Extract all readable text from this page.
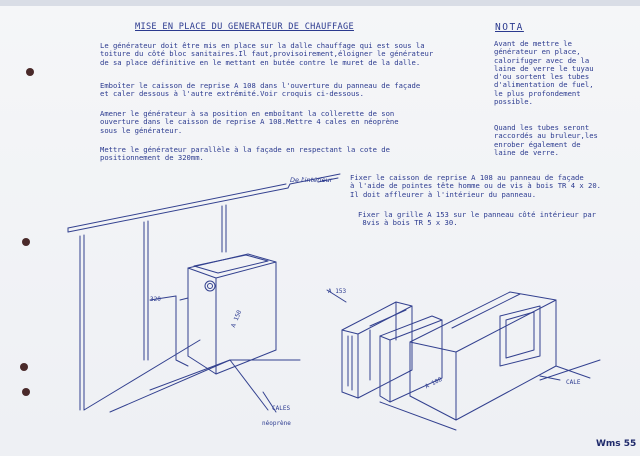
MISE EN PLACE DU GENERATEUR DE CHAUFFAGE
Le générateur doit être mis en place sur la dalle chauffage qui est sous la
toiture du côté bloc sanitaires.Il faut,provisoirement,éloigner le générateur
de sa place définitive en le mettant en butée contre le muret de la dalle.
Emboîter le caisson de reprise A 108 dans l'ouverture du panneau de façade
et caler dessous à l'autre extrémité.Voir croquis ci-dessous.
Amener le générateur à sa position en emboîtant la collerette de son
ouverture dans le caisson de reprise A 108.Mettre 4 cales en néoprène
sous le générateur.
Mettre le générateur parallèle à la façade en respectant la cote de
positionnement de 320mm.
NOTA
Avant de mettre le
générateur en place,
calorifuger avec de la
laine de verre le tuyau
d'ou sortent les tubes
d'alimentation de fuel,
le plus profondement
possible.
Quand les tubes seront
raccordés au bruleur,les
enrober également de
laine de verre.
Fixer le caisson de reprise A 108 au panneau de façade
à l'aide de pointes tête homme ou de vis à bois TR 4 x 20.
Il doit affleurer à l'intérieur du panneau.
Fixer la grille A 153 sur le panneau côté intérieur par
8vis à bois TR 5 x 30.
De l'intérieur
320
A 150
A 153
A 108	CALE
CALES
néoprène
Wms 55
